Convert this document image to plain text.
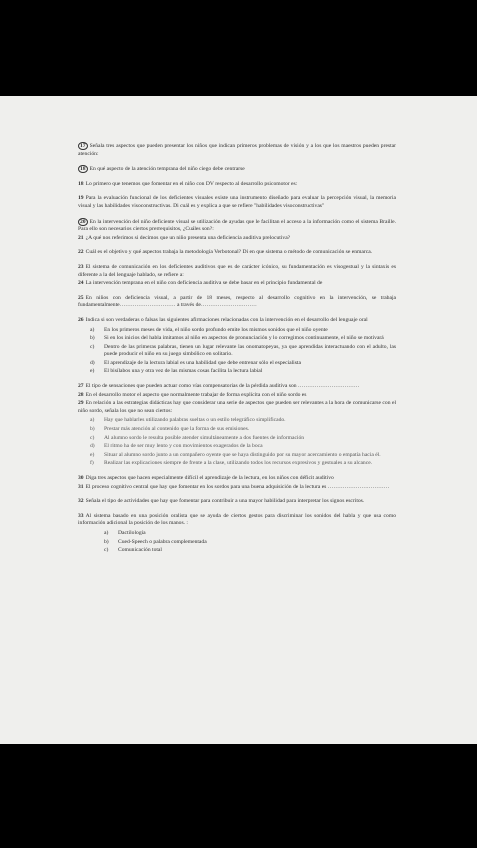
17 Señala tres aspectos que pueden presentar los niños que indican primeros problemas de visión y a los que los maestros pueden prestar atención:

18 En qué aspecto de la atención temprana del niño ciego debe centrarse

18 Lo primero que tenemos que fomentar en el niño con DV respecto al desarrollo psicomotor es:

19 Para la evaluación funcional de los deficientes visuales existe una instrumento diseñado para evaluar la percepción visual, la memoria visual y las habilidades visoconstructivas. Di cuál es y explica a que se refiere "habilidades visoconstructivas"

20 En la intervención del niño deficiente visual se utilización de ayudas que le facilitan el acceso a la información como el sistema Braille. Para ello son necesarios ciertos prerrequisitos, ¿Cuáles son?:

21 ¿A qué nos referimos si decimos que un niño presenta una deficiencia auditiva prelocutiva?

22 Cuál es el objetivo y qué aspectos trabaja la metodología Verbotonal? Di en que sistema o método de comunicación se enmarca.

23 El sistema de comunicación en los deficientes auditivos que es de carácter icónico, su fundamentación es visogestual y la sintaxis es diferente a la del lenguaje hablado, se refiere a:

24 La intervención temprana en el niño con deficiencia auditiva se debe basar en el principio fundamental de

25 En niños con deficiencia visual, a partir de 18 meses, respecto al desarrollo cognitivo en la intervención, se trabaja fundamentalmente………………………… a través de…………………………

26 Indica si son verdaderas o falsas las siguientes afirmaciones relacionadas con la intervención en el desarrollo del lenguaje oral

a)	En los primeros meses de vida, el niño sordo profundo emite los mismos sonidos que el niño oyente
b)	Si en los inicios del habla imitamos al niño en aspectos de pronunciación y lo corregimos continuamente, el niño se motivará
c)	Dentro de las primeras palabras, tienen un lugar relevante las onomatopeyas, ya que aprendidas interactuando con el adulto, las puede producir el niño en su juego simbólico en solitario.
d)	El aprendizaje de la lectura labial es una habilidad que debe entrenar sólo el especialista
e)	El bisílabos una y otra vez de las mismas cosas facilita la lectura labial

27 El tipo de sensaciones que pueden actuar como vías compensatorias de la pérdida auditiva son ……………………………

28 En el desarrollo motor el aspecto que normalmente trabajar de forma explícita con el niño sordo es

29 En relación a las estrategias didácticas hay que considerar una serie de aspectos que pueden ser relevantes a la hora de comunicarse con el niño sordo, señala los que no sean ciertos:

a)	Hay que hablarles utilizando palabras sueltas o un estilo telegráfico simplificado.
b)	Prestar más atención al contenido que la forma de sus emisiones.
c)	Al alumno sordo le resulta posible atender simultáneamente a dos fuentes de información
d)	El ritmo ha de ser muy lento y con movimientos exagerados de la boca
e)	Situar al alumno sordo junto a un compañero oyente que se haya distinguido por su mayor acercamiento o empatía hacia él.
f)	Realizar las explicaciones siempre de frente a la clase, utilizando todos los recursos expresivos y gestuales a su alcance.

30 Diga tres aspectos que hacen especialmente difícil el aprendizaje de la lectura, en los niños con déficit auditivo

31 El proceso cognitivo central que hay que fomentar en los sordos para una buena adquisición de la lectura es ……………………………

32 Señala el tipo de actividades que hay que fomentar para contribuir a una mayor habilidad para interpretar los signos escritos.

33 Al sistema basado en una posición oralista que se ayuda de ciertos gestos para discriminar los sonidos del habla y que usa como información adicional la posición de los manos. :

a)	Dactilología
b)	Cued-Speech o palabra complementada
c)	Comunicación total
